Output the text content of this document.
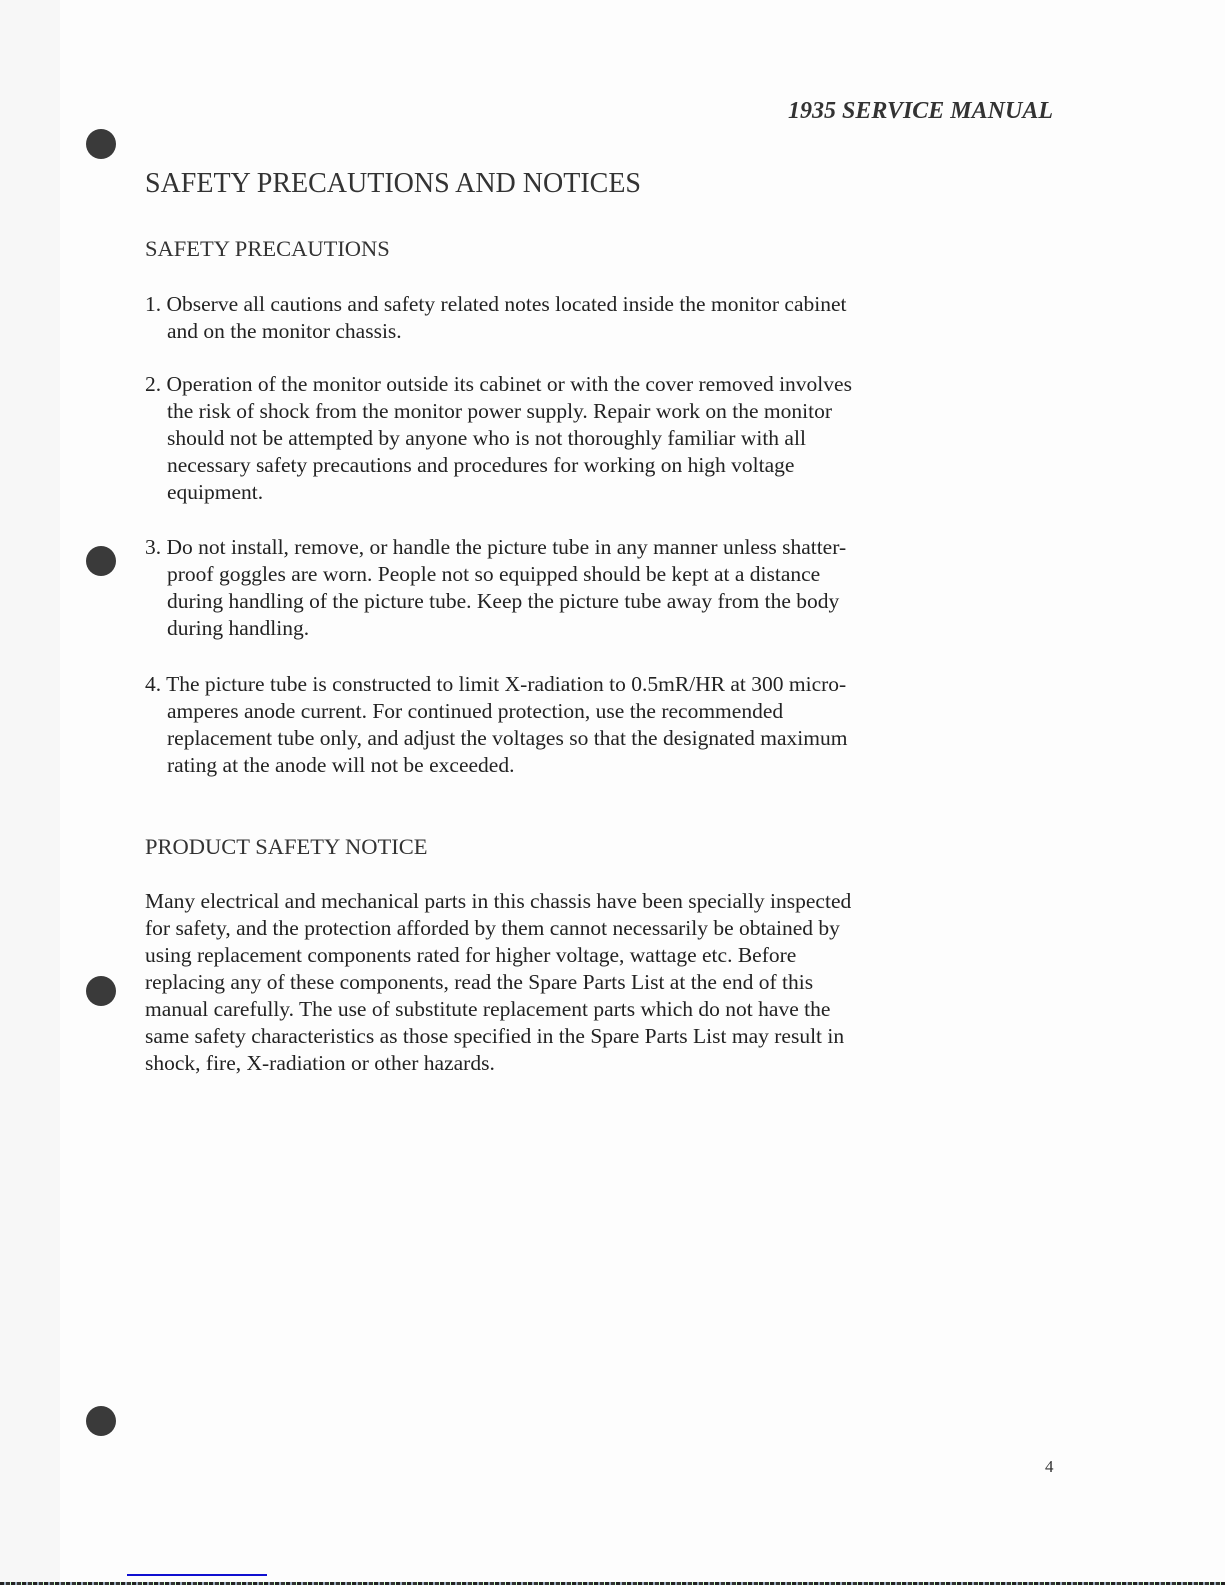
1935 SERVICE MANUAL
SAFETY PRECAUTIONS AND NOTICES
SAFETY PRECAUTIONS
1. Observe all cautions and safety related notes located inside the monitor cabinet
and on the monitor chassis.
2. Operation of the monitor outside its cabinet or with the cover removed involves
the risk of shock from the monitor power supply. Repair work on the monitor
should not be attempted by anyone who is not thoroughly familiar with all
necessary safety precautions and procedures for working on high voltage
equipment.
3. Do not install, remove, or handle the picture tube in any manner unless shatter-
proof goggles are worn. People not so equipped should be kept at a distance
during handling of the picture tube. Keep the picture tube away from the body
during handling.
4. The picture tube is constructed to limit X-radiation to 0.5mR/HR at 300 micro-
amperes anode current. For continued protection, use the recommended
replacement tube only, and adjust the voltages so that the designated maximum
rating at the anode will not be exceeded.
PRODUCT SAFETY NOTICE
Many electrical and mechanical parts in this chassis have been specially inspected
for safety, and the protection afforded by them cannot necessarily be obtained by
using replacement components rated for higher voltage, wattage etc. Before
replacing any of these components, read the Spare Parts List at the end of this
manual carefully. The use of substitute replacement parts which do not have the
same safety characteristics as those specified in the Spare Parts List may result in
shock, fire, X-radiation or other hazards.
4
